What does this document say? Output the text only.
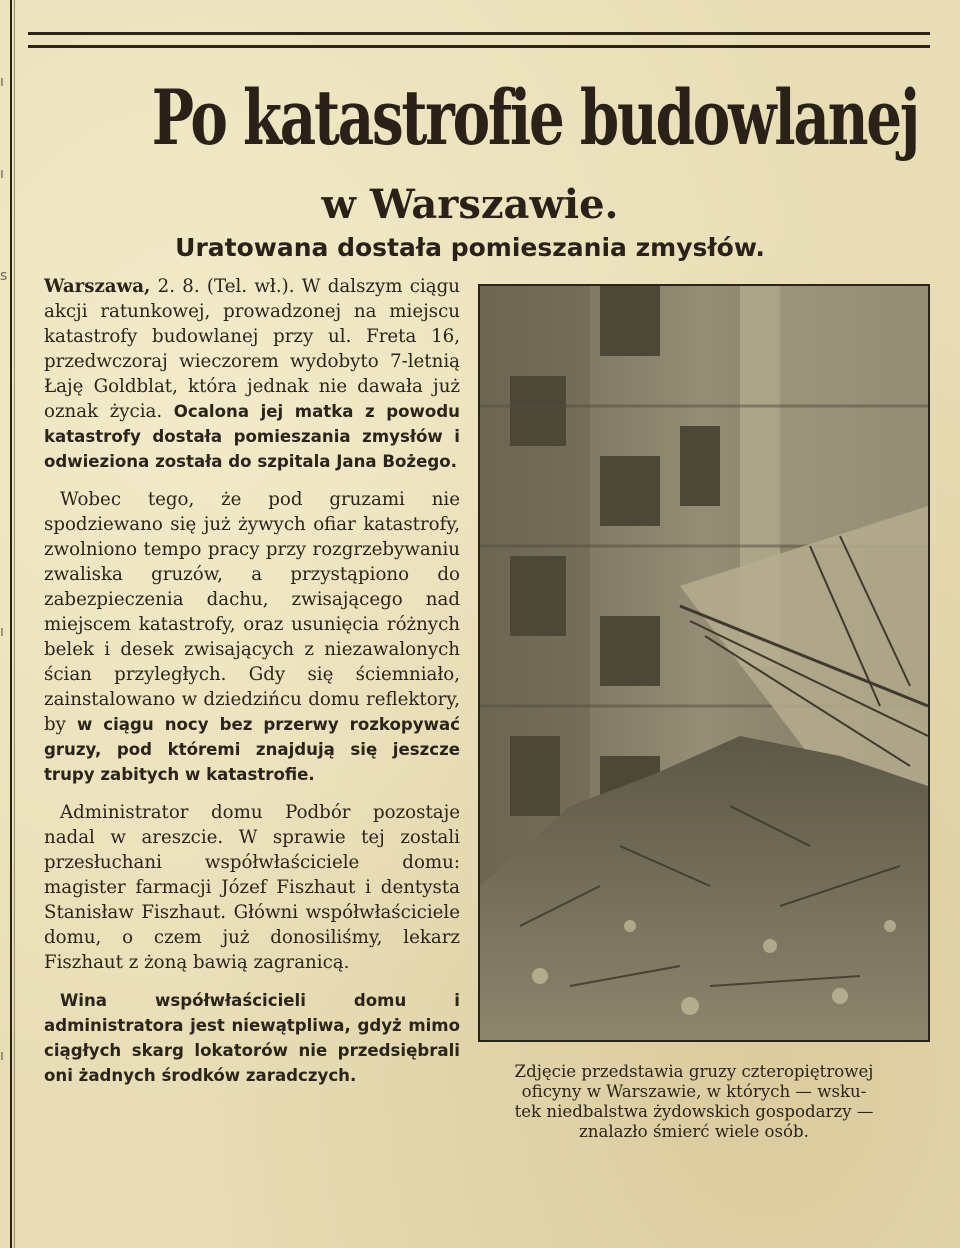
ı
ı
s
ı
ı
Po katastrofie budowlanej
w Warszawie.
Uratowana dostała pomieszania zmysłów.

Warszawa, 2. 8. (Tel. wł.). W dalszym ciągu akcji ratunkowej, prowadzonej na miejscu katastrofy budowlanej przy ul. Freta 16, przedwczoraj wieczorem wydobyto 7-letnią Łaję Goldblat, która jednak nie dawała już oznak życia. Ocalona jej matka z powodu katastrofy dostała pomieszania zmysłów i odwieziona została do szpitala Jana Bożego.

Wobec tego, że pod gruzami nie spodziewano się już żywych ofiar katastrofy, zwolniono tempo pracy przy rozgrzebywaniu zwaliska gruzów, a przystąpiono do zabezpieczenia dachu, zwisającego nad miejscem katastrofy, oraz usunięcia różnych belek i desek zwisających z niezawalonych ścian przyległych. Gdy się ściemniało, zainstalowano w dziedzińcu domu reflektory, by w ciągu nocy bez przerwy rozkopywać gruzy, pod któremi znajdują się jeszcze trupy zabitych w katastrofie.

Administrator domu Podbór pozostaje nadal w areszcie. W sprawie tej zostali przesłuchani współwłaściciele domu: magister farmacji Józef Fiszhaut i dentysta Stanisław Fiszhaut. Główni współwłaściciele domu, o czem już donosiliśmy, lekarz Fiszhaut z żoną bawią zagranicą.

Wina współwłaścicieli domu i administratora jest niewątpliwa, gdyż mimo ciągłych skarg lokatorów nie przedsiębrali oni żadnych środków zaradczych.	Zdjęcie przedstawia gruzy czteropiętrowej
oficyny w Warszawie, w których — wsku-
tek niedbalstwa żydowskich gospodarzy —
znalazło śmierć wiele osób.
